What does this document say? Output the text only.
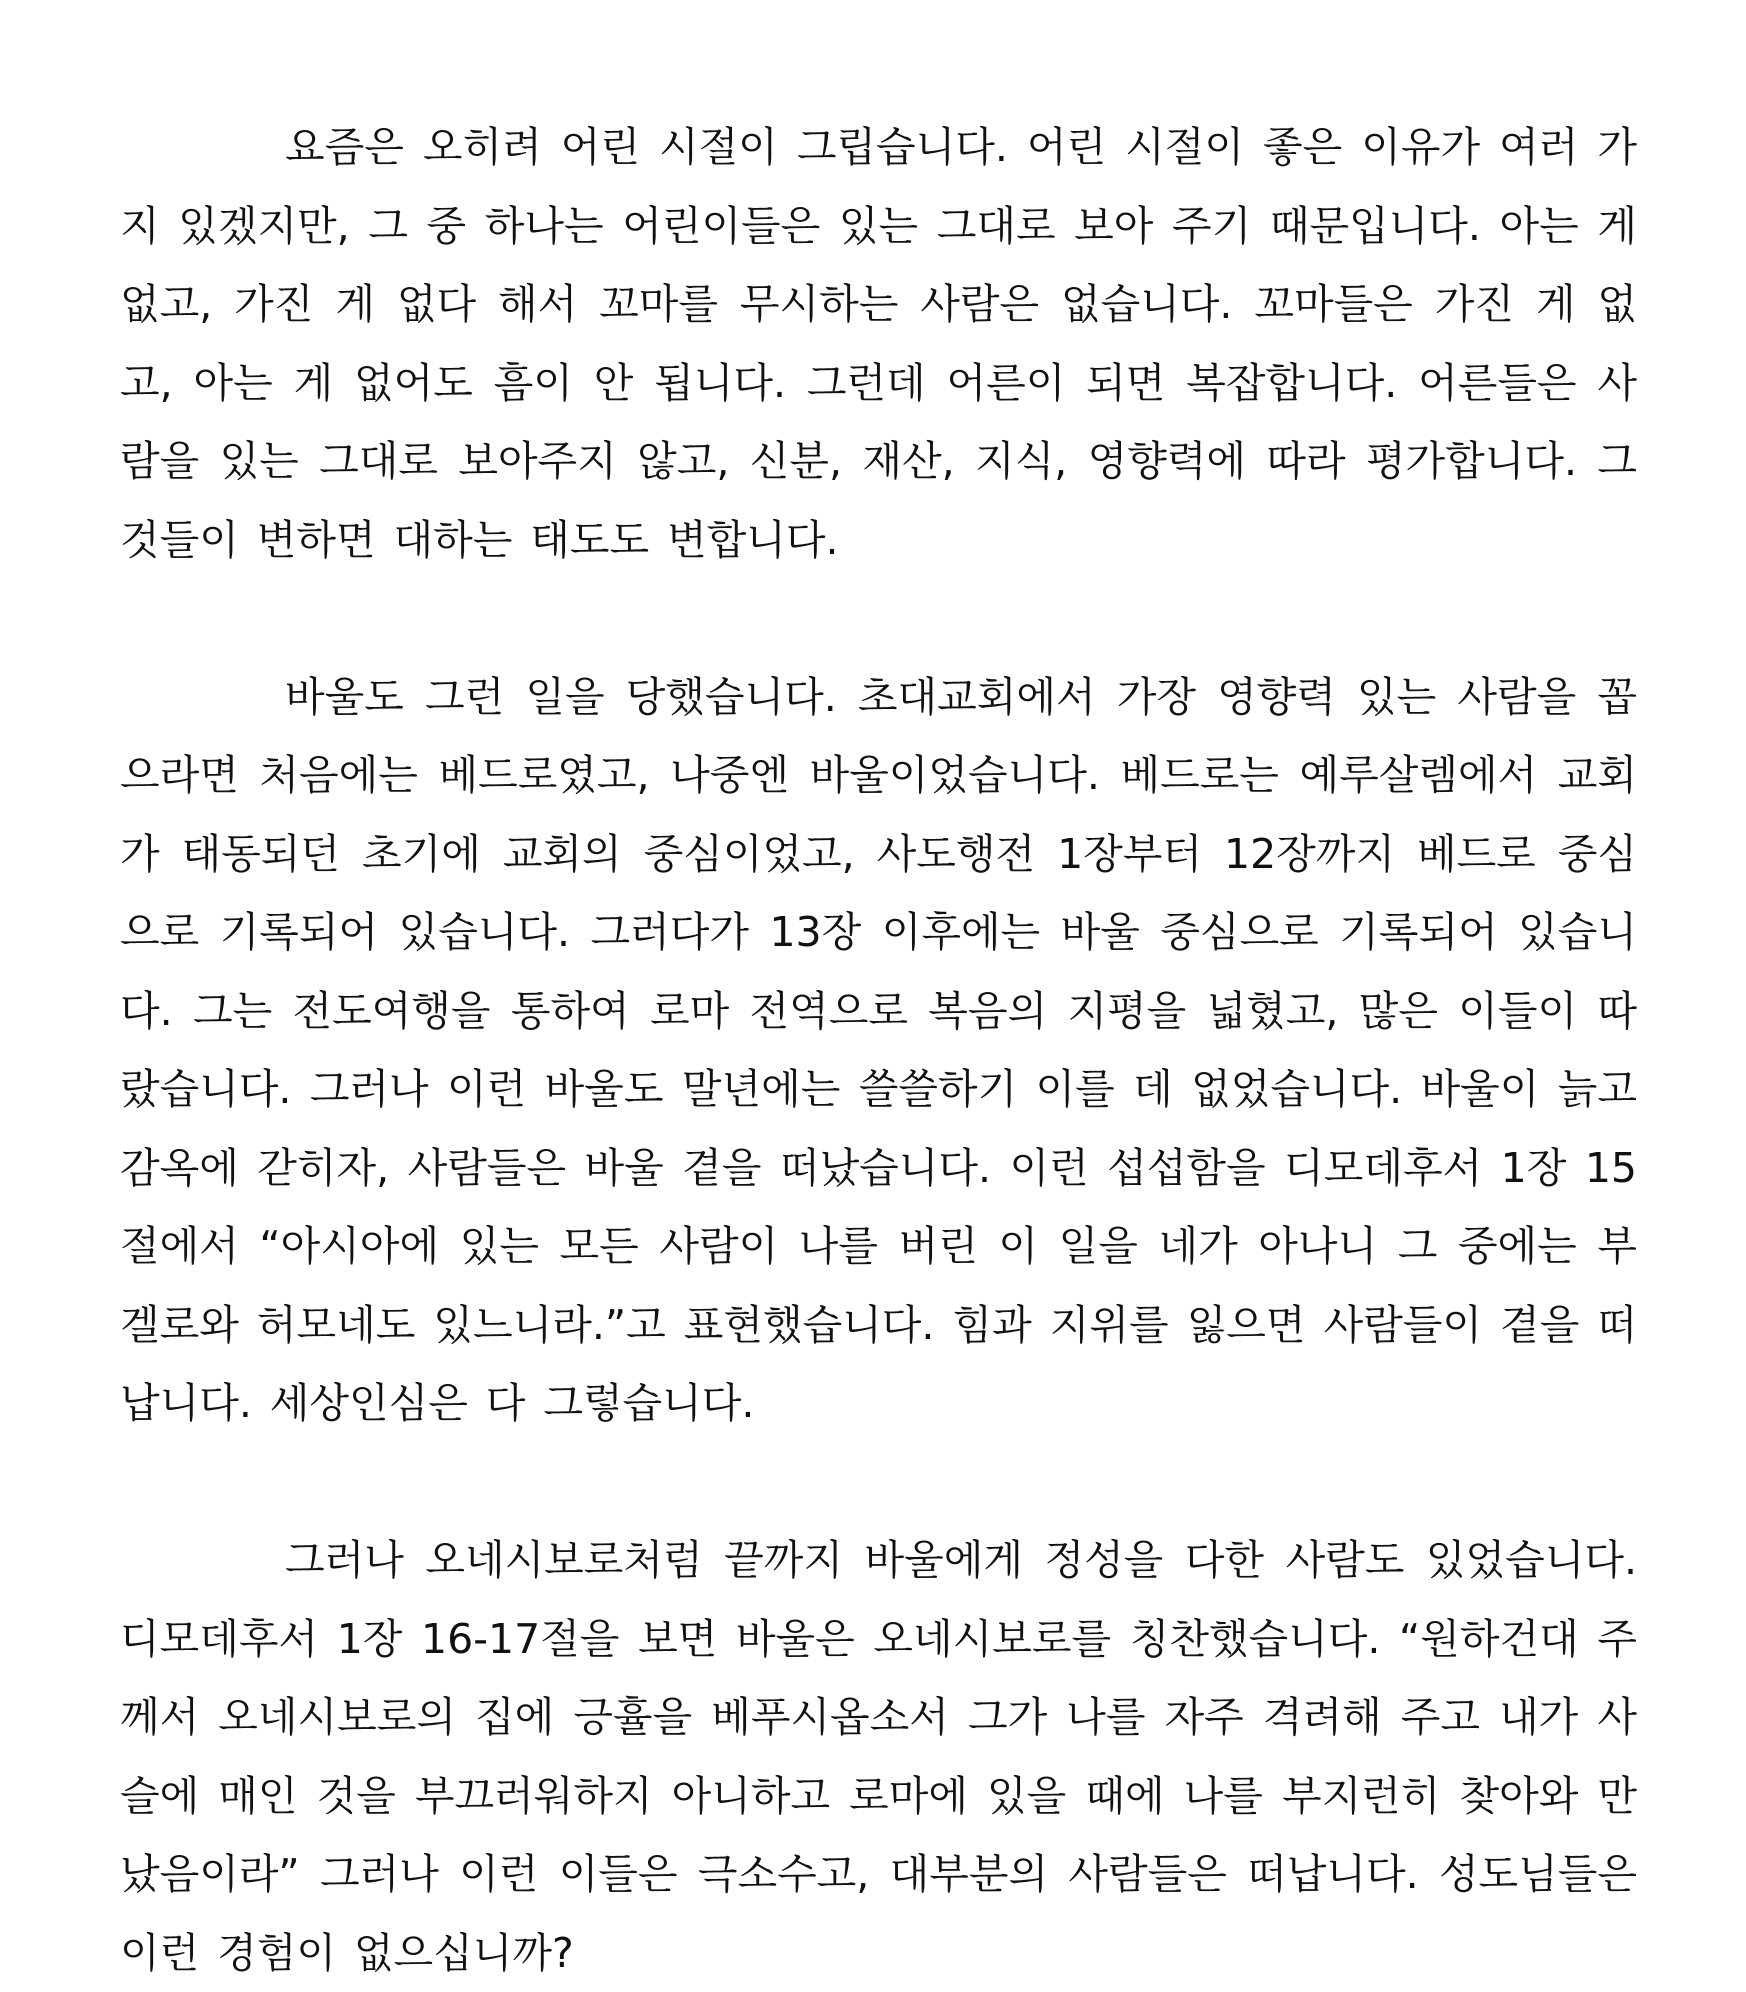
요즘은 오히려 어린 시절이 그립습니다. 어린 시절이 좋은 이유가 여러 가지 있겠지만, 그 중 하나는 어린이들은 있는 그대로 보아 주기 때문입니다. 아는 게 없고, 가진 게 없다 해서 꼬마를 무시하는 사람은 없습니다. 꼬마들은 가진 게 없고, 아는 게 없어도 흠이 안 됩니다. 그런데 어른이 되면 복잡합니다. 어른들은 사람을 있는 그대로 보아주지 않고, 신분, 재산, 지식, 영향력에 따라 평가합니다. 그것들이 변하면 대하는 태도도 변합니다.

바울도 그런 일을 당했습니다. 초대교회에서 가장 영향력 있는 사람을 꼽으라면 처음에는 베드로였고, 나중엔 바울이었습니다. 베드로는 예루살렘에서 교회가 태동되던 초기에 교회의 중심이었고, 사도행전 1장부터 12장까지 베드로 중심으로 기록되어 있습니다. 그러다가 13장 이후에는 바울 중심으로 기록되어 있습니다. 그는 전도여행을 통하여 로마 전역으로 복음의 지평을 넓혔고, 많은 이들이 따랐습니다. 그러나 이런 바울도 말년에는 쓸쓸하기 이를 데 없었습니다. 바울이 늙고 감옥에 갇히자, 사람들은 바울 곁을 떠났습니다. 이런 섭섭함을 디모데후서 1장 15절에서 “아시아에 있는 모든 사람이 나를 버린 이 일을 네가 아나니 그 중에는 부겔로와 허모네도 있느니라.”고 표현했습니다. 힘과 지위를 잃으면 사람들이 곁을 떠납니다. 세상인심은 다 그렇습니다.

그러나 오네시보로처럼 끝까지 바울에게 정성을 다한 사람도 있었습니다. 디모데후서 1장 16-17절을 보면 바울은 오네시보로를 칭찬했습니다. “원하건대 주께서 오네시보로의 집에 긍휼을 베푸시옵소서 그가 나를 자주 격려해 주고 내가 사슬에 매인 것을 부끄러워하지 아니하고 로마에 있을 때에 나를 부지런히 찾아와 만났음이라” 그러나 이런 이들은 극소수고, 대부분의 사람들은 떠납니다. 성도님들은 이런 경험이 없으십니까?
